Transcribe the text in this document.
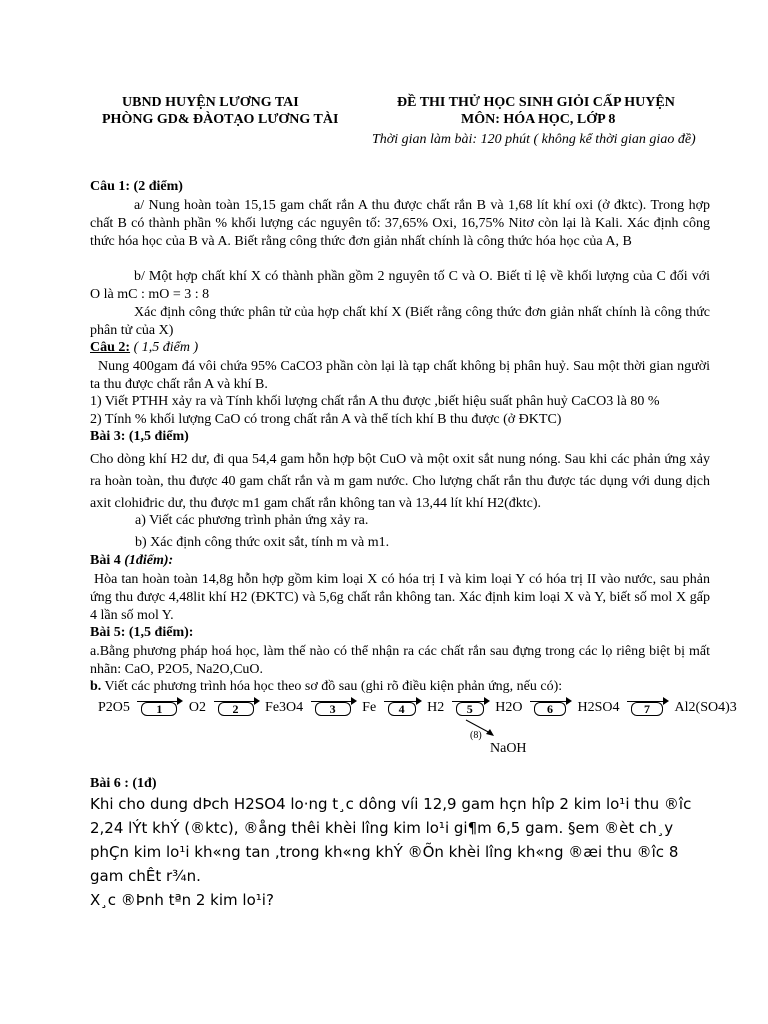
UBND HUYỆN LƯƠNG TAI
PHÒNG GD& ĐÀOTẠO LƯƠNG TÀI
ĐỀ THI THỬ HỌC SINH GIỎI CẤP HUYỆN
MÔN: HÓA HỌC, LỚP 8
Thời gian làm bài: 120 phút ( không kể thời gian giao đề)
Câu 1: (2 điểm)
a/ Nung hoàn toàn 15,15 gam chất rắn A thu được chất rắn B và 1,68 lít khí oxi (ở đktc). Trong hợp chất B có thành phần % khối lượng các nguyên tố: 37,65% Oxi, 16,75% Nitơ còn lại là Kali. Xác định công thức hóa học của B và A. Biết rằng công thức đơn giản nhất chính là công thức hóa học của A, B
b/ Một hợp chất khí X có thành phần gồm 2 nguyên tố C và O. Biết tỉ lệ về khối lượng của C đối với O là mC : mO = 3 : 8
Xác định công thức phân tử của hợp chất khí X (Biết rằng công thức đơn giản nhất chính là công thức phân tử của X)
Câu 2: ( 1,5 điểm )
Nung 400gam đá vôi chứa 95% CaCO3 phần còn lại là tạp chất không bị phân huỷ. Sau một thời gian người ta thu được chất rắn A và khí B.
1) Viết PTHH xảy ra và Tính khối lượng chất rắn A thu được ,biết hiệu suất phân huỷ CaCO3 là 80 %
2) Tính % khối lượng CaO có trong chất rắn A và thể tích khí B thu được (ở ĐKTC)
Bài 3: (1,5 điểm)
Cho dòng khí H2 dư, đi qua 54,4 gam hỗn hợp bột CuO và một oxit sắt nung nóng. Sau khi các phản ứng xảy ra hoàn toàn, thu được 40 gam chất rắn và m gam nước. Cho lượng chất rắn thu được tác dụng với dung dịch axit clohiđric dư, thu được m1 gam chất rắn không tan và 13,44 lít khí H2(đktc).
a) Viết các phương trình phản ứng xảy ra.
b) Xác định công thức oxit sắt, tính m và m1.
Bài 4 (1điểm):
Hòa tan hoàn toàn 14,8g hỗn hợp gồm kim loại X có hóa trị I và kim loại Y có hóa trị II vào nước, sau phản ứng thu được 4,48lit khí H2 (ĐKTC) và 5,6g chất rắn không tan. Xác định kim loại X và Y, biết số mol X gấp 4 lần số mol Y.
Bài 5: (1,5 điểm):
a.Bằng phương pháp hoá học, làm thế nào có thể nhận ra các chất rắn sau đựng trong các lọ riêng biệt bị mất nhãn: CaO, P2O5, Na2O,CuO.
b. Viết các phương trình hóa học theo sơ đồ sau (ghi rõ điều kiện phản ứng, nếu có):
P2O5	1	O2	2	Fe3O4	3	Fe	4	H2	5	H2O	6	H2SO4	7	Al2(SO4)3
(8)
NaOH
Bài 6 : (1đ)
Khi cho dung dÞch H2SO4 lo·ng t¸c dông víi 12,9 gam hçn hîp 2 kim lo¹i thu ®îc
2,24 lÝt khÝ (®ktc), ®ång thêi khèi lîng kim lo¹i gi¶m 6,5 gam. §em ®èt ch¸y
phÇn kim lo¹i kh«ng tan ,trong kh«ng khÝ ®Õn khèi lîng kh«ng ®æi thu ®îc 8
gam chÊt r¾n.
X¸c ®Þnh tªn 2 kim lo¹i?
